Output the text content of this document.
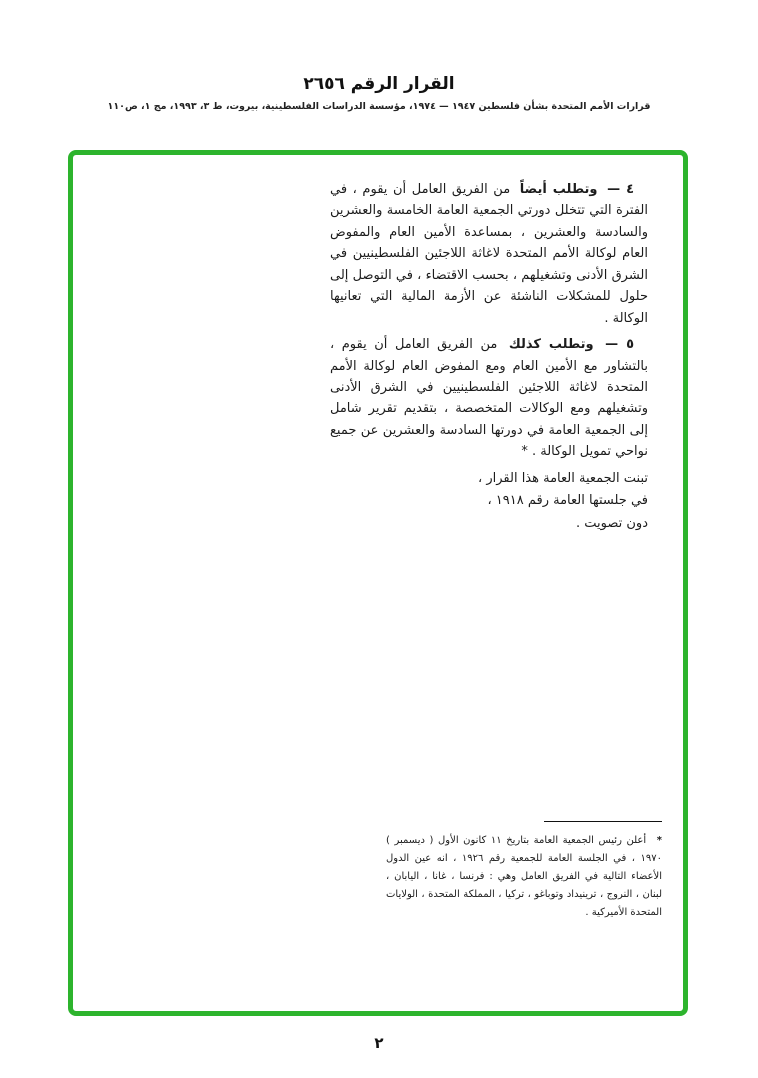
القرار الرقم ٢٦٥٦

قرارات الأمم المتحدة بشأن فلسطين ١٩٤٧ — ١٩٧٤، مؤسسة الدراسات الفلسطينية، بيروت، ط ٣، ١٩٩٣، مج ١، ص١١٠

٤ — وتطلب أيضاً من الفريق العامل أن يقوم ، في الفترة التي تتخلل دورتي الجمعية العامة الخامسة والعشرين والسادسة والعشرين ، بمساعدة الأمين العام والمفوض العام لوكالة الأمم المتحدة لاغاثة اللاجئين الفلسطينيين في الشرق الأدنى وتشغيلهم ، بحسب الاقتضاء ، في التوصل إلى حلول للمشكلات الناشئة عن الأزمة المالية التي تعانيها الوكالة .

٥ — وتطلب كذلك من الفريق العامل أن يقوم ، بالتشاور مع الأمين العام ومع المفوض العام لوكالة الأمم المتحدة لاغاثة اللاجئين الفلسطينيين في الشرق الأدنى وتشغيلهم ومع الوكالات المتخصصة ، بتقديم تقرير شامل إلى الجمعية العامة في دورتها السادسة والعشرين عن جميع نواحي تمويل الوكالة . *

تبنت الجمعية العامة هذا القرار ،

في جلستها العامة رقم ١٩١٨ ،

دون تصويت .

* أعلن رئيس الجمعية العامة بتاريخ ١١ كانون الأول ( ديسمبر ) ١٩٧٠ ، في الجلسة العامة للجمعية رقم ١٩٢٦ ، انه عين الدول الأعضاء التالية في الفريق العامل وهي : فرنسا ، غانا ، اليابان ، لبنان ، النروج ، ترينيداد وتوباغو ، تركيا ، المملكة المتحدة ، الولايات المتحدة الأميركية .
٢
